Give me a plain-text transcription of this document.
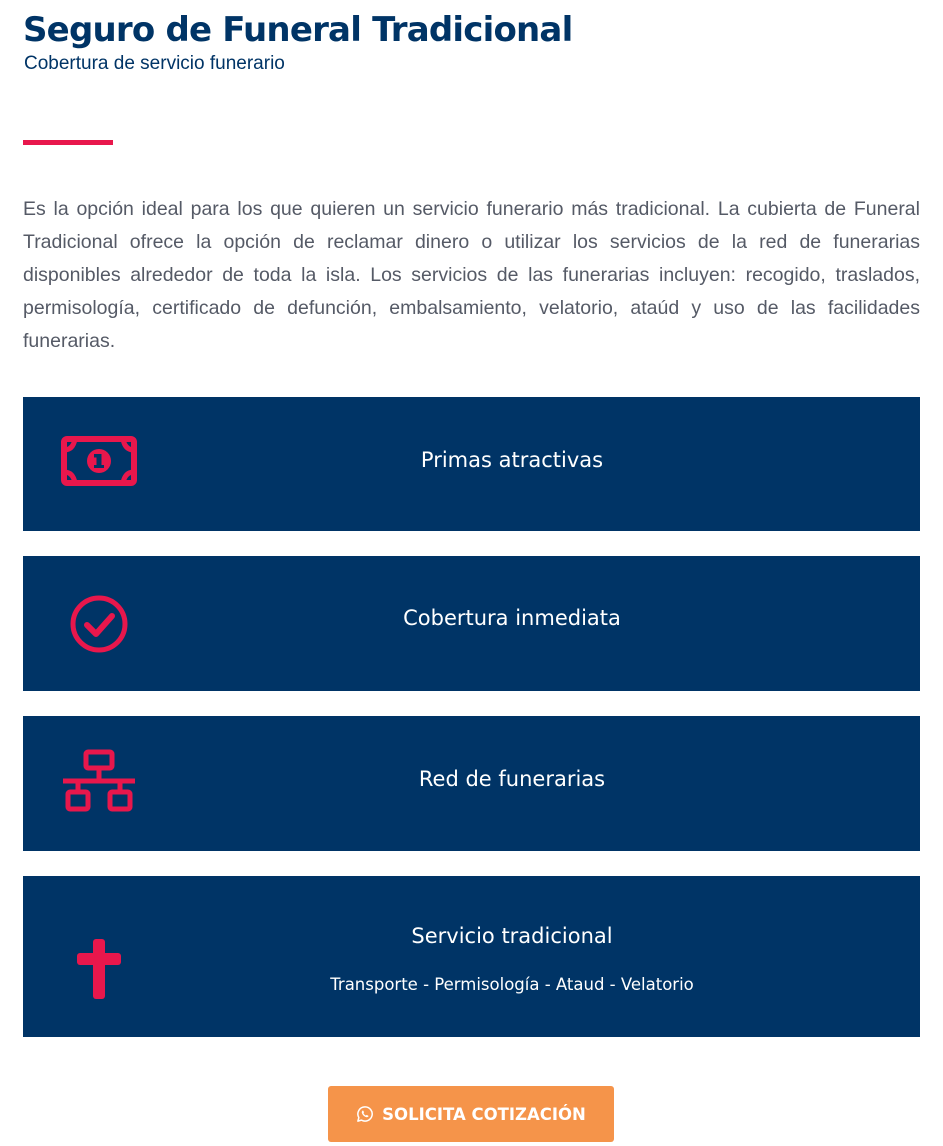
Seguro de Funeral Tradicional

Cobertura de servicio funerario

Es la opción ideal para los que quieren un servicio funerario más tradicional. La cubierta de Funeral Tradicional ofrece la opción de reclamar dinero o utilizar los servicios de la red de funerarias disponibles alrededor de toda la isla. Los servicios de las funerarias incluyen: recogido, traslados, permisología, certificado de defunción, embalsamiento, velatorio, ataúd y uso de las facilidades funerarias.

Primas atractivas
Cobertura inmediata
Red de funerarias
Servicio tradicional
Transporte - Permisología - Ataud - Velatorio
SOLICITA COTIZACIÓN
